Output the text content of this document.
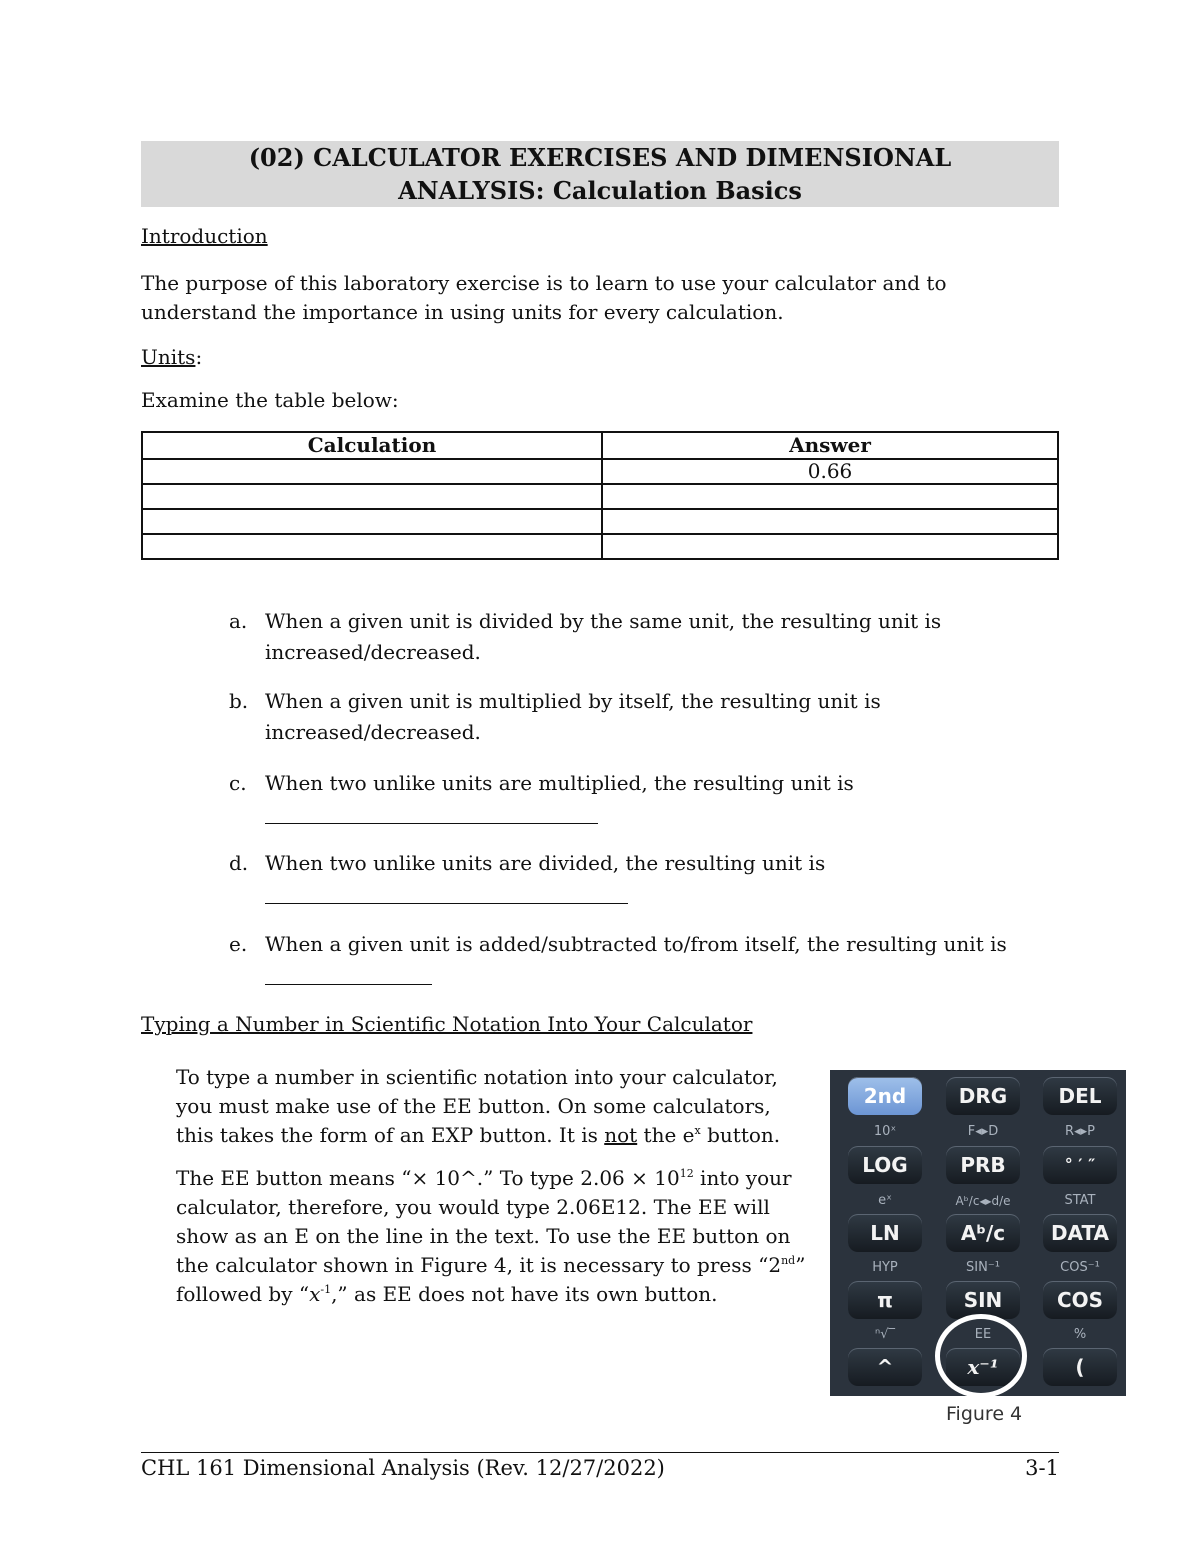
(02) CALCULATOR EXERCISES AND DIMENSIONAL
ANALYSIS: Calculation Basics
Introduction
The purpose of this laboratory exercise is to learn to use your calculator and to
understand the importance in using units for every calculation.
Units:
Examine the table below:
Calculation	Answer
	0.66

a. When a given unit is divided by the same unit, the resulting unit is
increased/decreased.
b. When a given unit is multiplied by itself, the resulting unit is
increased/decreased.
c. When two unlike units are multiplied, the resulting unit is
d. When two unlike units are divided, the resulting unit is
e. When a given unit is added/subtracted to/from itself, the resulting unit is
Typing a Number in Scientific Notation Into Your Calculator
To type a number in scientific notation into your calculator,
you must make use of the EE button. On some calculators,
this takes the form of an EXP button. It is not the $e^x$ button.
The EE button means “× 10^.” To type $2.06 \times 10^{12}$ into your
calculator, therefore, you would type 2.06E12. The EE will
show as an E on the line in the text. To use the EE button on
the calculator shown in Figure 4, it is necessary to press “2nd”
followed by “$x^{-1}$,” as EE does not have its own button.
2nd	DRG	DEL
10ˣ	F◂▸D	R◂▸P
LOG	PRB	° ′ ″
eˣ	Aᵇ/c◂▸d/e	STAT
LN	Aᵇ/c	DATA
HYP	SIN⁻¹	COS⁻¹
π	SIN	COS
ⁿ√‾	EE	%
^	x⁻¹	(
Figure 4
CHL 161 Dimensional Analysis (Rev. 12/27/2022)	3-1
